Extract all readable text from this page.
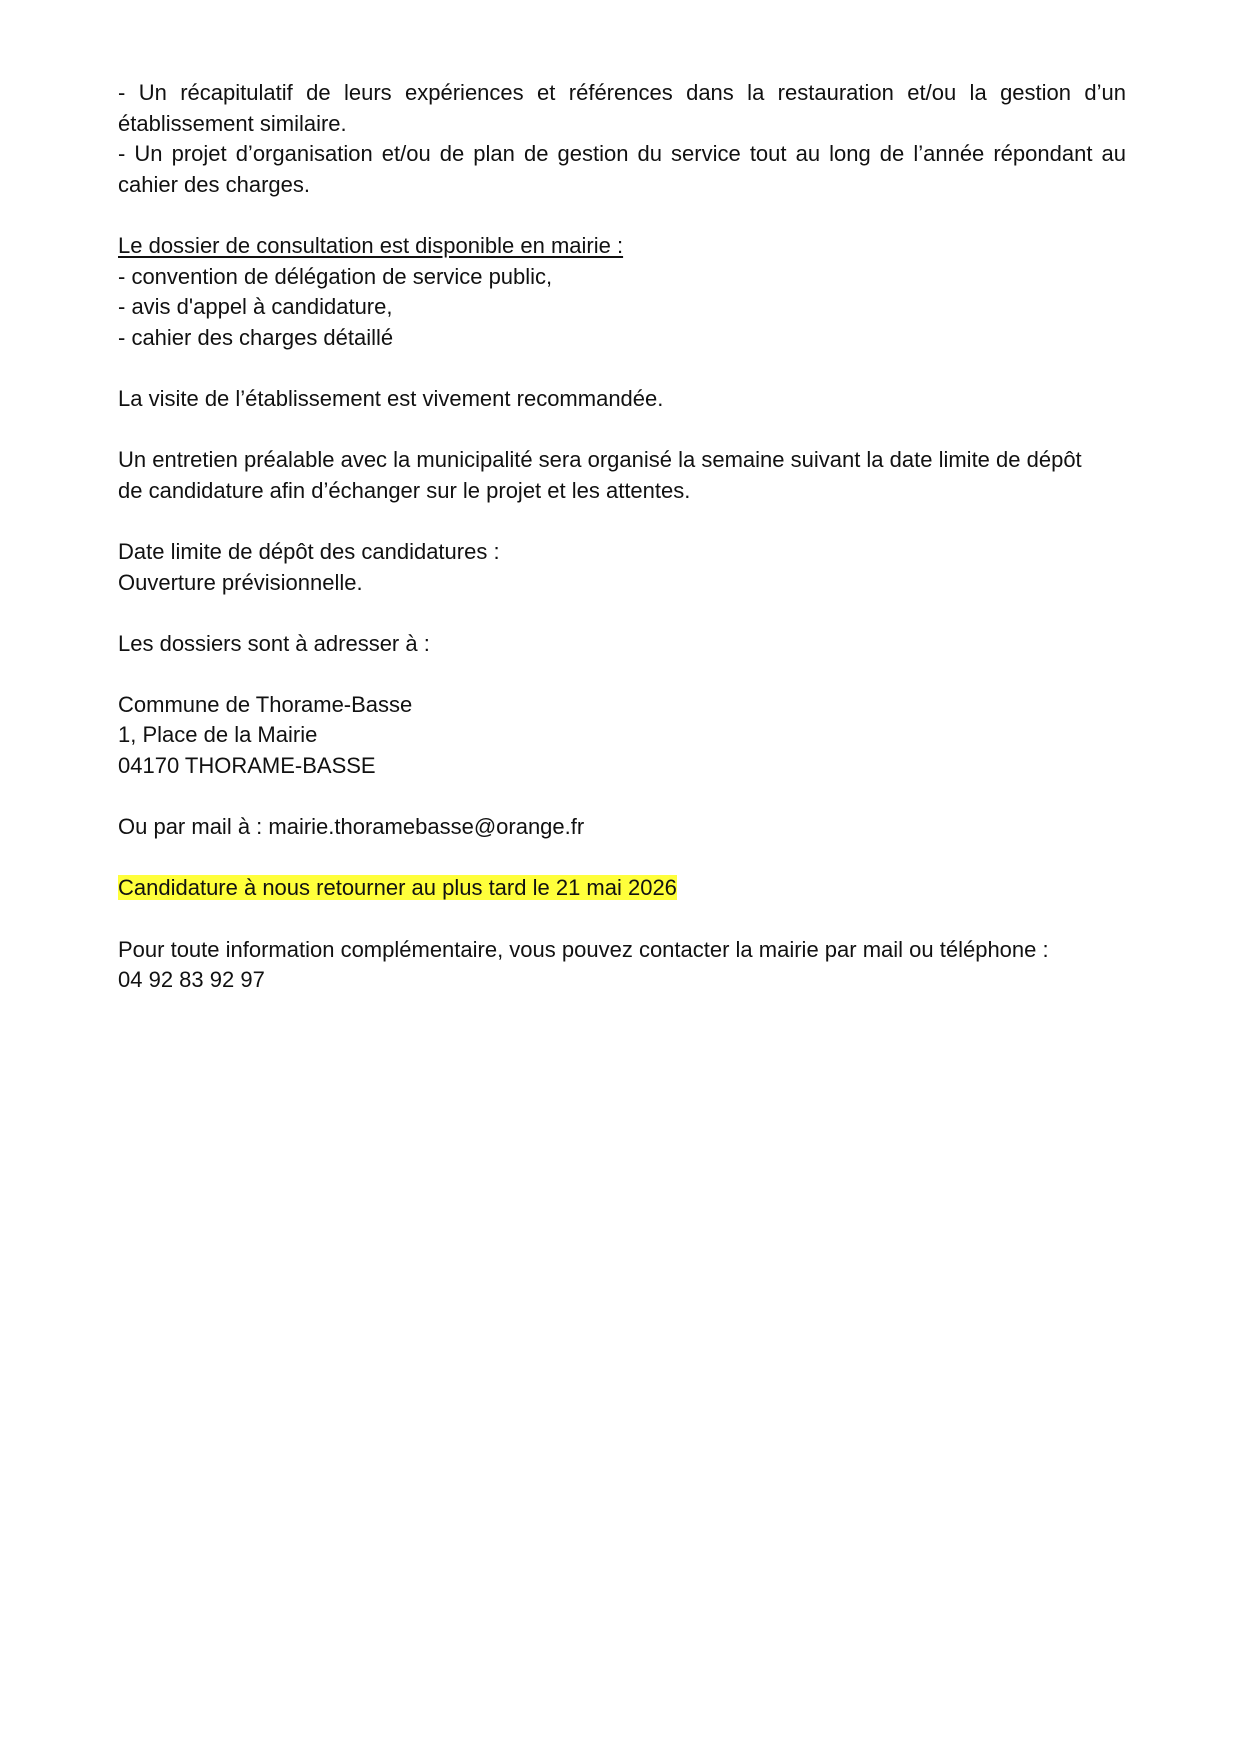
- Un récapitulatif de leurs expériences et références dans la restauration et/ou la gestion d’un
établissement similaire.
- Un projet d’organisation et/ou de plan de gestion du service tout au long de l’année répondant au
cahier des charges.
Le dossier de consultation est disponible en mairie :
- convention de délégation de service public,
- avis d'appel à candidature,
- cahier des charges détaillé
La visite de l’établissement est vivement recommandée.
Un entretien préalable avec la municipalité sera organisé la semaine suivant la date limite de dépôt
de candidature afin d’échanger sur le projet et les attentes.
Date limite de dépôt des candidatures :
Ouverture prévisionnelle.
Les dossiers sont à adresser à :
Commune de Thorame-Basse
1, Place de la Mairie
04170 THORAME-BASSE
Ou par mail à : mairie.thoramebasse@orange.fr
Candidature à nous retourner au plus tard le 21 mai 2026
Pour toute information complémentaire, vous pouvez contacter la mairie par mail ou téléphone :
04 92 83 92 97
